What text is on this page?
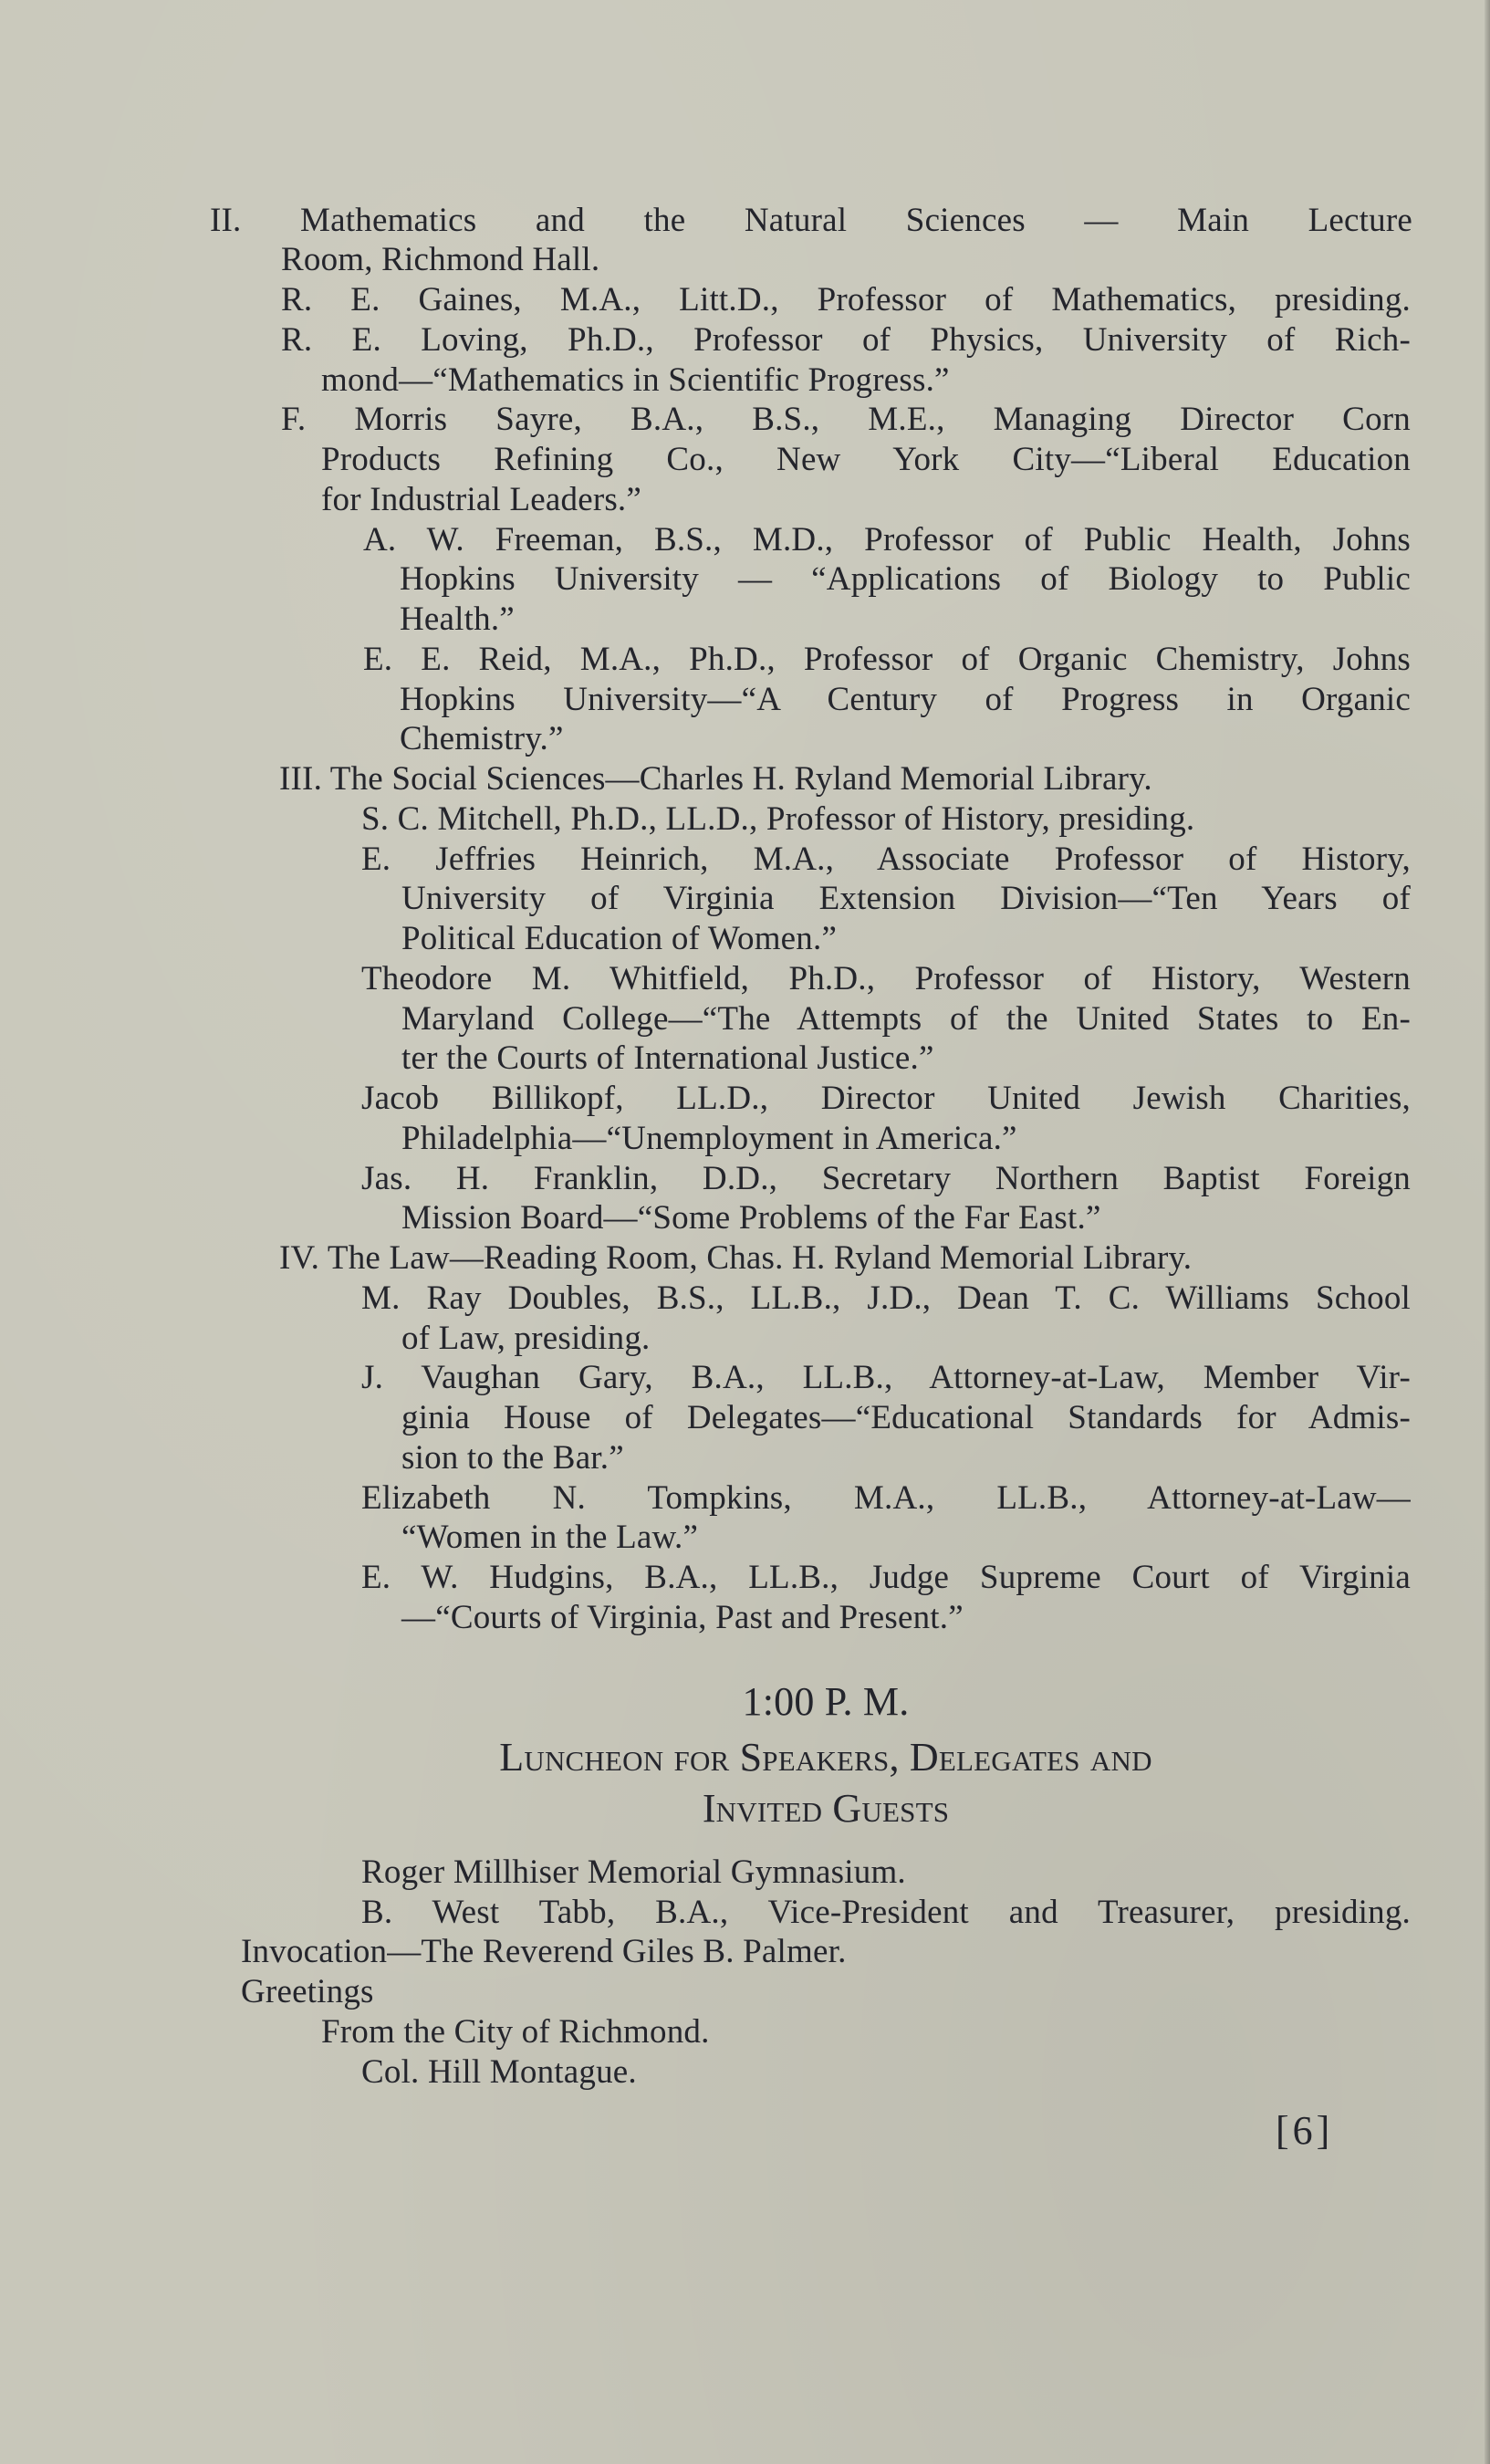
II. Mathematics and the Natural Sciences — Main Lecture
Room, Richmond Hall.
R. E. Gaines, M.A., Litt.D., Professor of Mathematics, presiding.
R. E. Loving, Ph.D., Professor of Physics, University of Rich-
mond—“Mathematics in Scientific Progress.”
F. Morris Sayre, B.A., B.S., M.E., Managing Director Corn
Products Refining Co., New York City—“Liberal Education
for Industrial Leaders.”
A. W. Freeman, B.S., M.D., Professor of Public Health, Johns
Hopkins University — “Applications of Biology to Public
Health.”
E. E. Reid, M.A., Ph.D., Professor of Organic Chemistry, Johns
Hopkins University—“A Century of Progress in Organic
Chemistry.”
III. The Social Sciences—Charles H. Ryland Memorial Library.
S. C. Mitchell, Ph.D., LL.D., Professor of History, presiding.
E. Jeffries Heinrich, M.A., Associate Professor of History,
University of Virginia Extension Division—“Ten Years of
Political Education of Women.”
Theodore M. Whitfield, Ph.D., Professor of History, Western
Maryland College—“The Attempts of the United States to En-
ter the Courts of International Justice.”
Jacob Billikopf, LL.D., Director United Jewish Charities,
Philadelphia—“Unemployment in America.”
Jas. H. Franklin, D.D., Secretary Northern Baptist Foreign
Mission Board—“Some Problems of the Far East.”
IV. The Law—Reading Room, Chas. H. Ryland Memorial Library.
M. Ray Doubles, B.S., LL.B., J.D., Dean T. C. Williams School
of Law, presiding.
J. Vaughan Gary, B.A., LL.B., Attorney-at-Law, Member Vir-
ginia House of Delegates—“Educational Standards for Admis-
sion to the Bar.”
Elizabeth N. Tompkins, M.A., LL.B., Attorney-at-Law—
“Women in the Law.”
E. W. Hudgins, B.A., LL.B., Judge Supreme Court of Virginia
—“Courts of Virginia, Past and Present.”
1:00 P. M.
Luncheon for Speakers, Delegates and
Invited Guests
Roger Millhiser Memorial Gymnasium.
B. West Tabb, B.A., Vice-President and Treasurer, presiding.
Invocation—The Reverend Giles B. Palmer.
Greetings
From the City of Richmond.
Col. Hill Montague.
[6]
